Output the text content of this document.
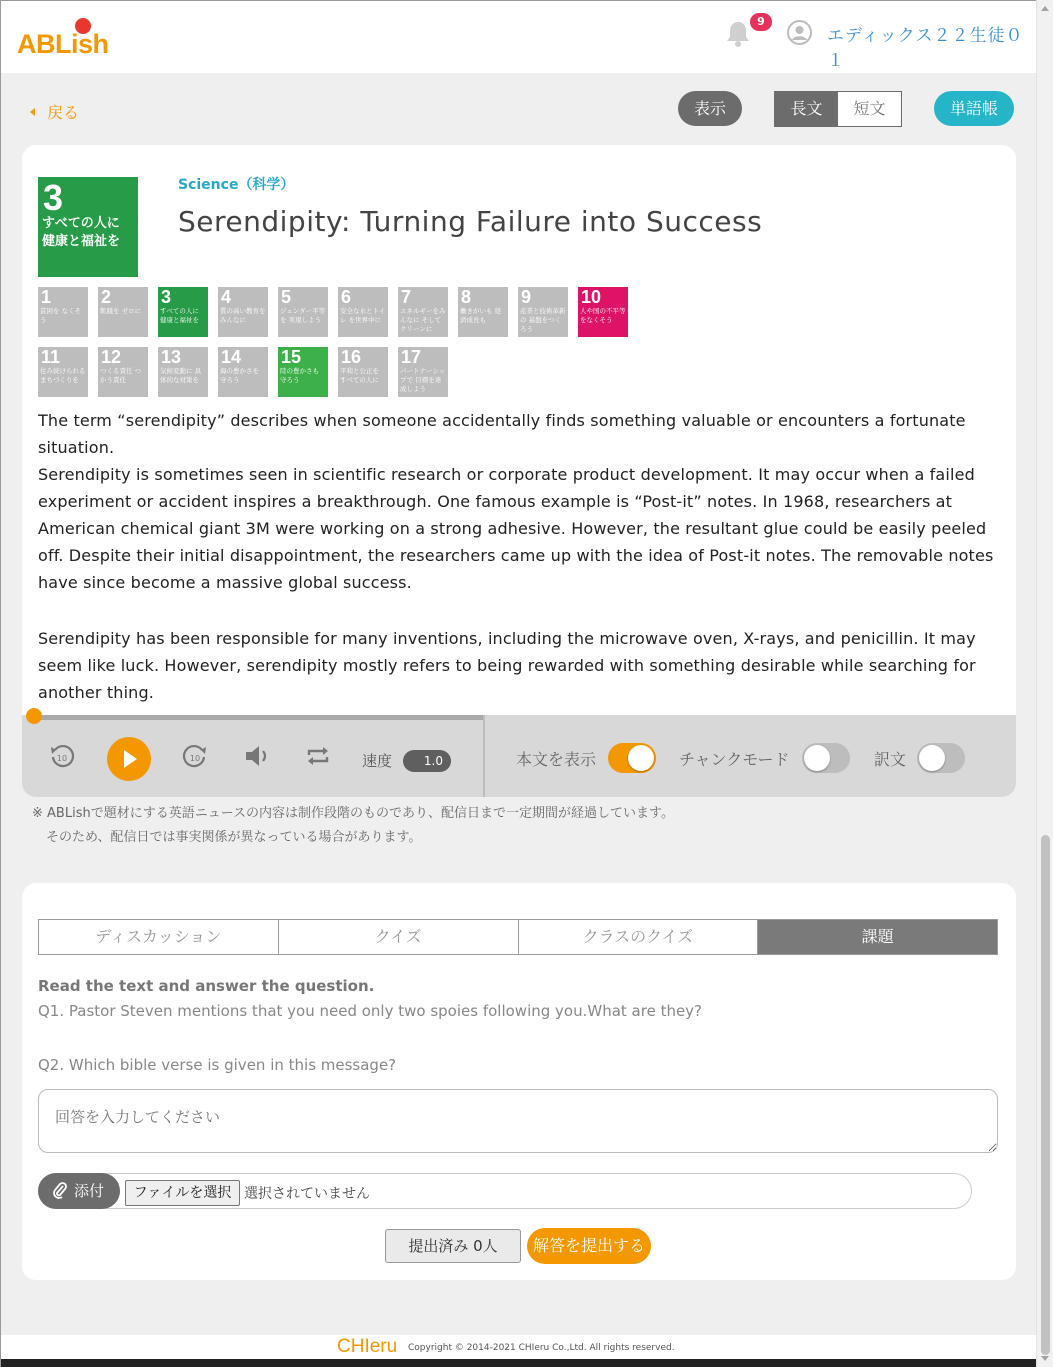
ABLish
9
エディックス２２生徒０１
戻る	表示	長文	短文	単語帳
3
すべての人に
健康と福祉を
Science（科学）
Serendipity: Turning Failure into Success
1
貧困を なくそう
2
飢餓を ゼロに
3
すべての人に 健康と福祉を
4
質の高い教育を みんなに
5
ジェンダー平等を 実現しよう
6
安全な水とトイレ を世界中に
7
エネルギーをみんなに そしてクリーンに
8
働きがいも 経済成長も
9
産業と技術革新の 基盤をつくろう
10
人や国の不平等 をなくそう
11
住み続けられる まちづくりを
12
つくる責任 つかう責任
13
気候変動に 具体的な対策を
14
海の豊かさを 守ろう
15
陸の豊かさも 守ろう
16
平和と公正を すべての人に
17
パートナーシップで 目標を達成しよう
The term “serendipity” describes when someone accidentally finds something valuable or encounters a fortunate situation.
Serendipity is sometimes seen in scientific research or corporate product development. It may occur when a failed experiment or accident inspires a breakthrough. One famous example is “Post-it” notes. In 1968, researchers at American chemical giant 3M were working on a strong adhesive. However, the resultant glue could be easily peeled off. Despite their initial disappointment, the researchers came up with the idea of Post-it notes. The removable notes have since become a massive global success.
Serendipity has been responsible for many inventions, including the microwave oven, X-rays, and penicillin. It may seem like luck. However, serendipity mostly refers to being rewarded with something desirable while searching for another thing.
10	10	速度	1.0	本文を表示	チャンクモード	訳文
※ ABLishで題材にする英語ニュースの内容は制作段階のものであり、配信日まで一定期間が経過しています。
そのため、配信日では事実関係が異なっている場合があります。
ディスカッション	クイズ	クラスのクイズ	課題
Read the text and answer the question.
Q1. Pastor Steven mentions that you need only two spoies following you.What are they?
Q2. Which bible verse is given in this message?
回答を入力してください
添付	ファイルを選択 選択されていません
提出済み 0人	解答を提出する
CHIeru Copyright © 2014-2021 CHIeru Co.,Ltd. All rights reserved.
